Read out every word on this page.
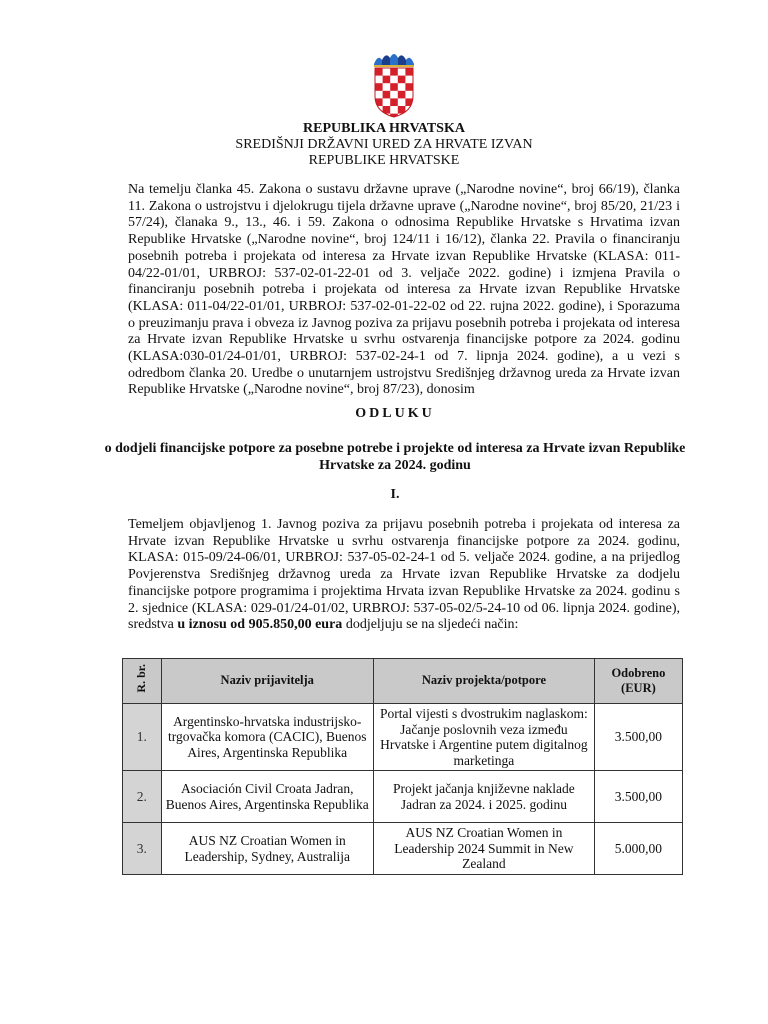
REPUBLIKA HRVATSKA
SREDIŠNJI DRŽAVNI URED ZA HRVATE IZVAN
REPUBLIKE HRVATSKE
Na temelju članka 45. Zakona o sustavu državne uprave („Narodne novine“, broj 66/19), članka 11. Zakona o ustrojstvu i djelokrugu tijela državne uprave („Narodne novine“, broj 85/20, 21/23 i 57/24), članaka 9., 13., 46. i 59. Zakona o odnosima Republike Hrvatske s Hrvatima izvan Republike Hrvatske („Narodne novine“, broj 124/11 i 16/12), članka 22. Pravila o financiranju posebnih potreba i projekata od interesa za Hrvate izvan Republike Hrvatske (KLASA: 011-04/22-01/01, URBROJ: 537-02-01-22-01 od 3. veljače 2022. godine) i izmjena Pravila o financiranju posebnih potreba i projekata od interesa za Hrvate izvan Republike Hrvatske (KLASA: 011-04/22-01/01, URBROJ: 537-02-01-22-02 od 22. rujna 2022. godine), i Sporazuma o preuzimanju prava i obveza iz Javnog poziva za prijavu posebnih potreba i projekata od interesa za Hrvate izvan Republike Hrvatske u svrhu ostvarenja financijske potpore za 2024. godinu (KLASA:030-01/24-01/01, URBROJ: 537-02-24-1 od 7. lipnja 2024. godine), a u vezi s odredbom članka 20. Uredbe o unutarnjem ustrojstvu Središnjeg državnog ureda za Hrvate izvan Republike Hrvatske („Narodne novine“, broj 87/23), donosim
ODLUKU
o dodjeli financijske potpore za posebne potrebe i projekte od interesa za Hrvate izvan Republike Hrvatske za 2024. godinu
I.
Temeljem objavljenog 1. Javnog poziva za prijavu posebnih potreba i projekata od interesa za Hrvate izvan Republike Hrvatske u svrhu ostvarenja financijske potpore za 2024. godinu, KLASA: 015-09/24-06/01, URBROJ: 537-05-02-24-1 od 5. veljače 2024. godine, a na prijedlog Povjerenstva Središnjeg državnog ureda za Hrvate izvan Republike Hrvatske za dodjelu financijske potpore programima i projektima Hrvata izvan Republike Hrvatske za 2024. godinu s 2. sjednice (KLASA: 029-01/24-01/02, URBROJ: 537-05-02/5-24-10 od 06. lipnja 2024. godine), sredstva u iznosu od 905.850,00 eura dodjeljuju se na sljedeći način:
R. br.	Naziv prijavitelja	Naziv projekta/potpore	Odobreno (EUR)
1.	Argentinsko-hrvatska industrijsko-trgovačka komora (CACIC), Buenos Aires, Argentinska Republika	Portal vijesti s dvostrukim naglaskom: Jačanje poslovnih veza između Hrvatske i Argentine putem digitalnog marketinga	3.500,00
2.	Asociación Civil Croata Jadran, Buenos Aires, Argentinska Republika	Projekt jačanja književne naklade Jadran za 2024. i 2025. godinu	3.500,00
3.	AUS NZ Croatian Women in Leadership, Sydney, Australija	AUS NZ Croatian Women in Leadership 2024 Summit in New Zealand	5.000,00
